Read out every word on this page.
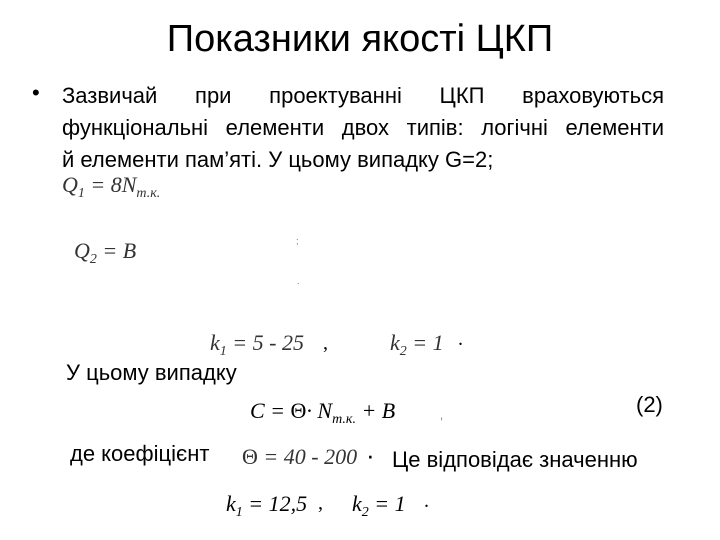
Показники якості ЦКП
• Зазвичай при проектуванні ЦКП враховуються
функціональні елементи двох типів: логічні елементи
й елементи пам’яті. У цьому випадку G=2;
$Q_1 = 8N_{т.к.}$
$Q_2 = B$	;
.
$k_1 = 5 - 25$ ,	$k_2 = 1$ .
У цьому випадку
$C = \Theta\cdot N_{т.к.} + B$	,	(2)
де коефіцієнт Θ = 40 - 200 · Це відповідає значенню
$k_1 = 12,5$ , $k_2 = 1$ .
